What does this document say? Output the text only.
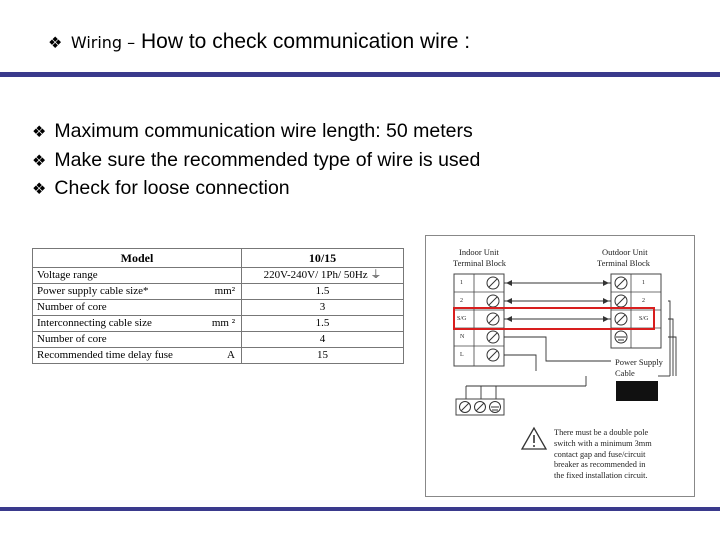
❖ Wiring – How to check communication wire :
❖ Maximum communication wire length: 50 meters
❖ Make sure the recommended type of wire is used
❖ Check for loose connection
Model	10/15
Voltage range	220V-240V/ 1Ph/ 50Hz ⏚
Power supply cable size* mm²	1.5
Number of core	3
Interconnecting cable size mm ²	1.5
Number of core	4
Recommended time delay fuse A	15
Indoor Unit
Terminal Block
Outdoor Unit
Terminal Block
1
2
S/G
N
L
1
2
S/G
Power Supply
Cable
There must be a double pole
switch with a minimum 3mm
contact gap and fuse/circuit
breaker as recommended in
the fixed installation circuit.
